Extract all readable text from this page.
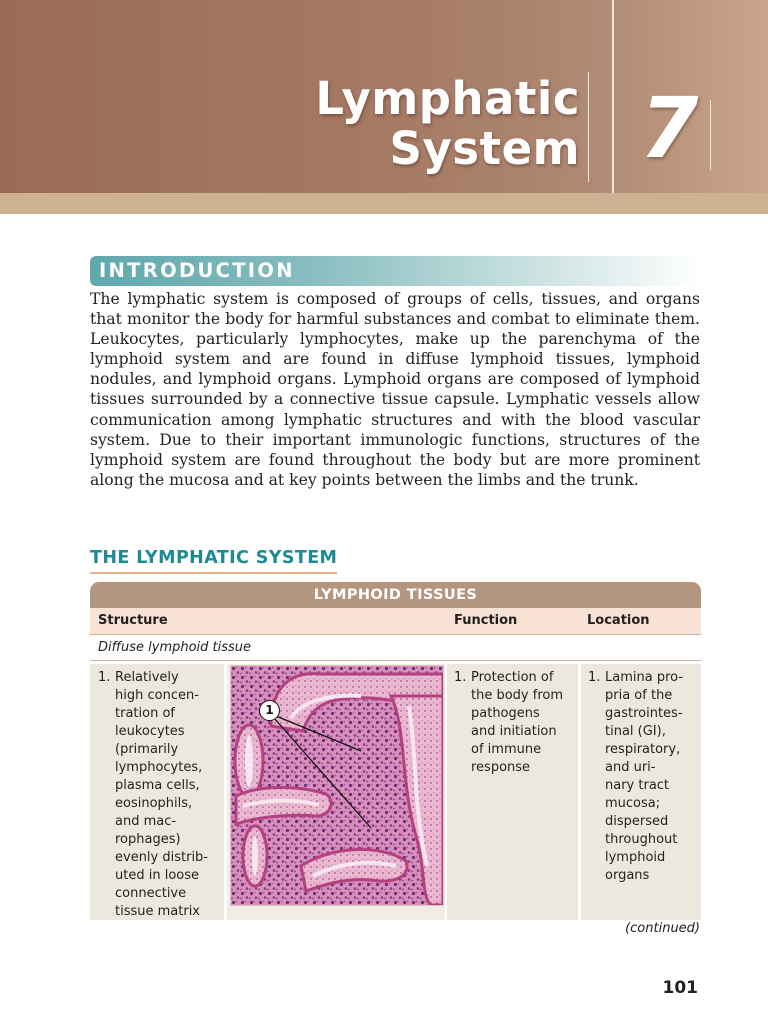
Lymphatic
System 7
INTRODUCTION

The lymphatic system is composed of groups of cells, tissues, and organs that monitor the body for harmful substances and combat to eliminate them. Leukocytes, particularly lymphocytes, make up the parenchyma of the lymphoid system and are found in diffuse lymphoid tissues, lymphoid nodules, and lymphoid organs. Lymphoid organs are composed of lymphoid tissues surrounded by a connective tissue capsule. Lymphatic vessels allow communication among lymphatic structures and with the blood vascular system. Due to their important immunologic functions, structures of the lymphoid system are found throughout the body but are more prominent along the mucosa and at key points between the limbs and the trunk.

THE LYMPHATIC SYSTEM
LYMPHOID TISSUES
Structure	Function	Location
Diffuse lymphoid tissue
1. Relatively
high concen-
tration of
leukocytes
(primarily
lymphocytes,
plasma cells,
eosinophils,
and mac-
rophages)
evenly distrib-
uted in loose
connective
tissue matrix
1. Protection of
the body from
pathogens
and initiation
of immune
response
1. Lamina pro-
pria of the
gastrointes-
tinal (GI),
respiratory,
and uri-
nary tract
mucosa;
dispersed
throughout
lymphoid
organs
1
(continued)
101
